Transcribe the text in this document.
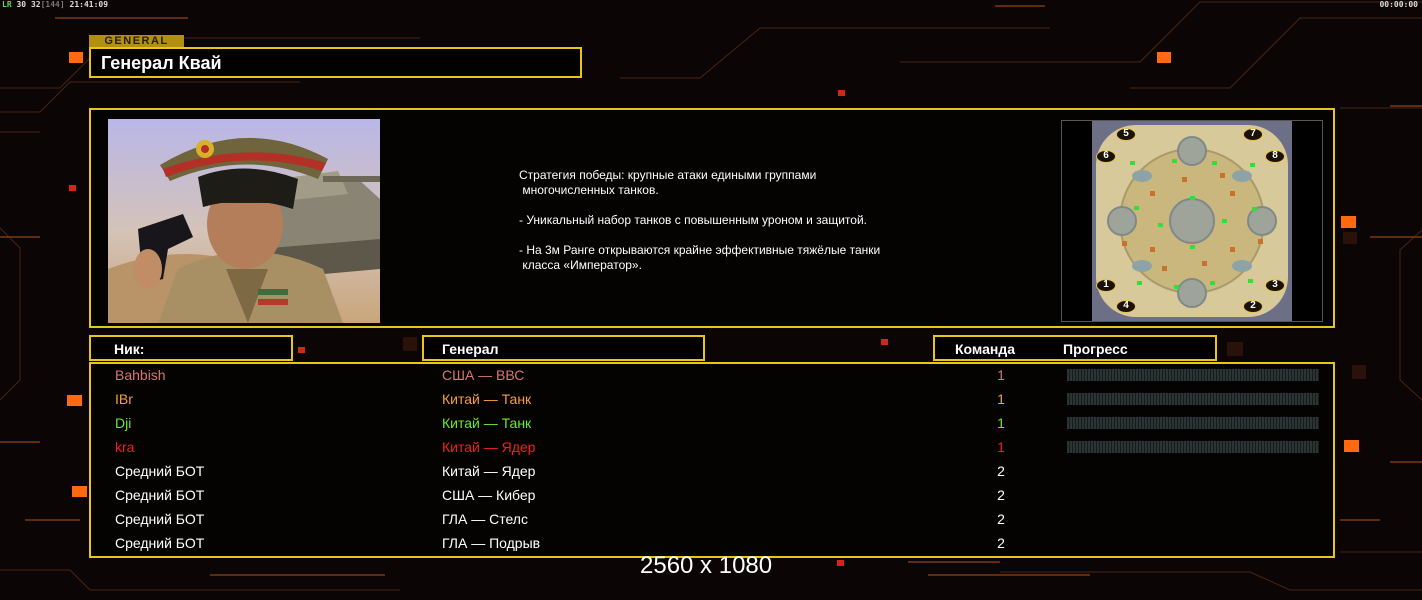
LR 30 32[144] 21:41:09	00:00:00
GENERAL
Генерал Квай
Стратегия победы: крупные атаки едиными группами
многочисленных танков.

- Уникальный набор танков с повышенным уроном и защитой.

- На 3м Ранге открываются крайне эффективные тяжёлые танки
класса «Император».
5	7
6	8
1	3
4	2
Ник:	Генерал	Команда	Прогресс
Bahbish	США — ВВС	1
IBr	Китай — Танк	1
Dji	Китай — Танк	1
kra	Китай — Ядер	1
Средний БОТ	Китай — Ядер	2
Средний БОТ	США — Кибер	2
Средний БОТ	ГЛА — Стелс	2
Средний БОТ	ГЛА — Подрыв	2
2560 x 1080
